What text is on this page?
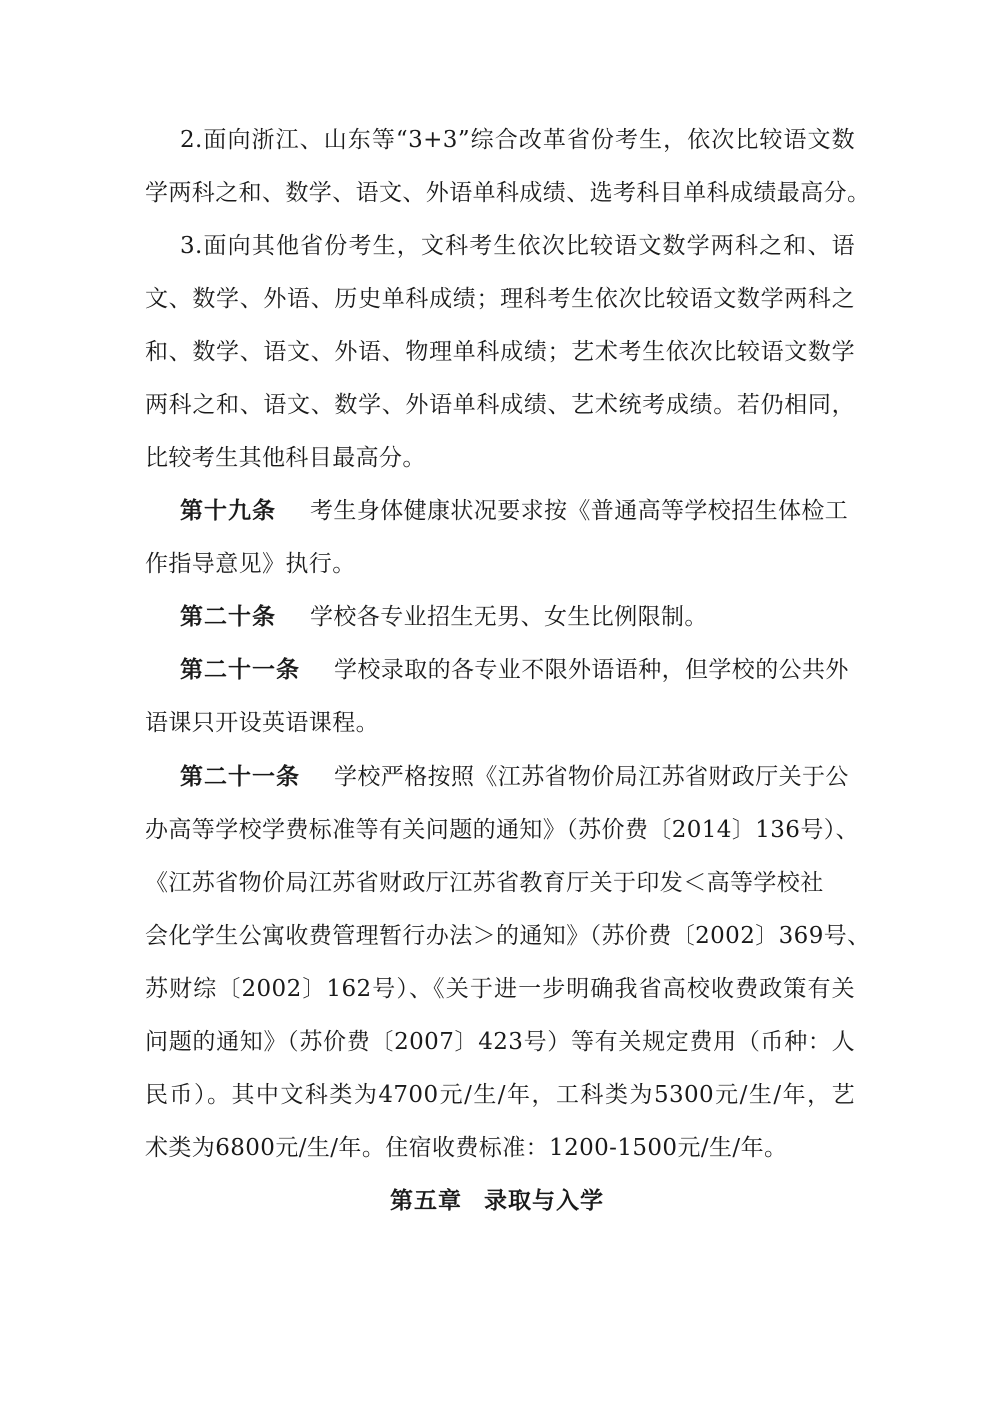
2.面向浙江、山东等“3+3”综合改革省份考生，依次比较语文数
学两科之和、数学、语文、外语单科成绩、选考科目单科成绩最高分。
3.面向其他省份考生，文科考生依次比较语文数学两科之和、语
文、数学、外语、历史单科成绩；理科考生依次比较语文数学两科之
和、数学、语文、外语、物理单科成绩；艺术考生依次比较语文数学
两科之和、语文、数学、外语单科成绩、艺术统考成绩。若仍相同，
比较考生其他科目最高分。
第十九条 考生身体健康状况要求按《普通高等学校招生体检工
作指导意见》执行。
第二十条 学校各专业招生无男、女生比例限制。
第二十一条 学校录取的各专业不限外语语种，但学校的公共外
语课只开设英语课程。
第二十一条 学校严格按照《江苏省物价局江苏省财政厅关于公
办高等学校学费标准等有关问题的通知》（苏价费〔2014〕136号）、
《江苏省物价局江苏省财政厅江苏省教育厅关于印发＜高等学校社
会化学生公寓收费管理暂行办法＞的通知》（苏价费〔2002〕369号、
苏财综〔2002〕162号）、《关于进一步明确我省高校收费政策有关
问题的通知》（苏价费〔2007〕423号）等有关规定费用（币种：人
民币）。其中文科类为4700元/生/年，工科类为5300元/生/年，艺
术类为6800元/生/年。住宿收费标准：1200-1500元/生/年。
第五章 录取与入学
